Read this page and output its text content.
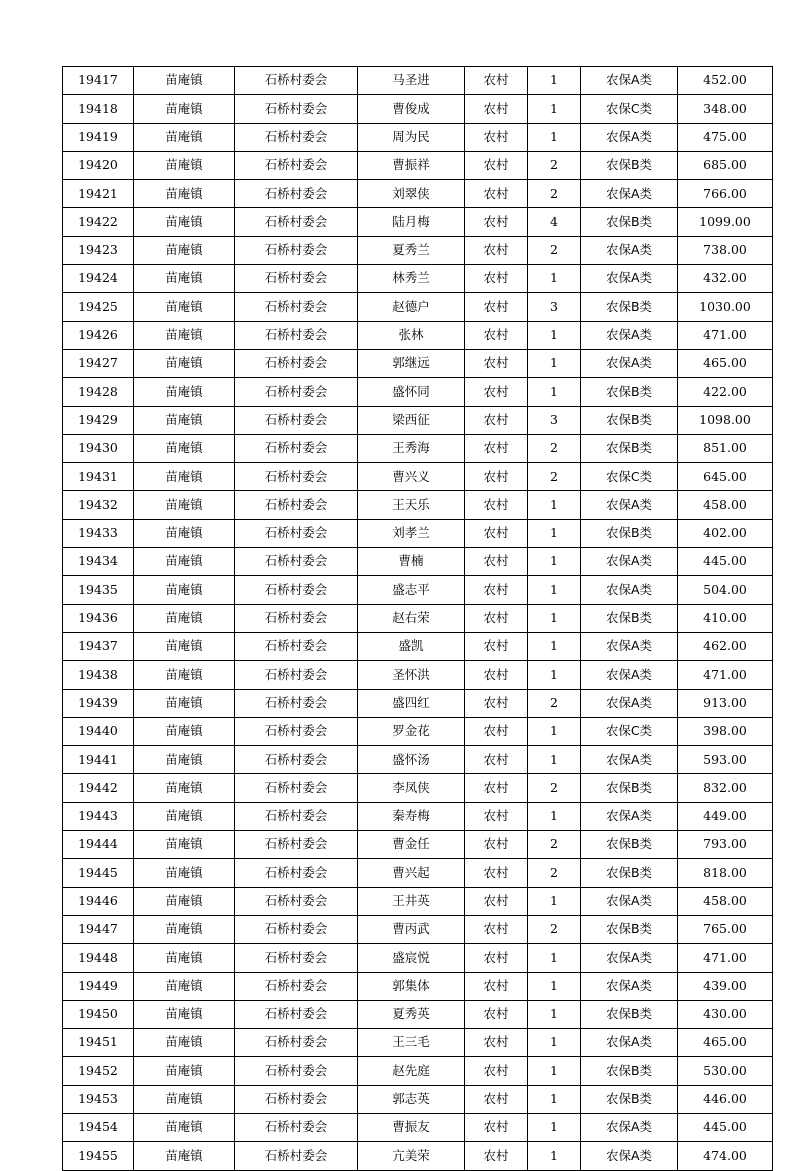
19417	苗庵镇	石桥村委会	马圣进	农村	1	农保A类	452.00
19418	苗庵镇	石桥村委会	曹俊成	农村	1	农保C类	348.00
19419	苗庵镇	石桥村委会	周为民	农村	1	农保A类	475.00
19420	苗庵镇	石桥村委会	曹振祥	农村	2	农保B类	685.00
19421	苗庵镇	石桥村委会	刘翠侠	农村	2	农保A类	766.00
19422	苗庵镇	石桥村委会	陆月梅	农村	4	农保B类	1099.00
19423	苗庵镇	石桥村委会	夏秀兰	农村	2	农保A类	738.00
19424	苗庵镇	石桥村委会	林秀兰	农村	1	农保A类	432.00
19425	苗庵镇	石桥村委会	赵德户	农村	3	农保B类	1030.00
19426	苗庵镇	石桥村委会	张林	农村	1	农保A类	471.00
19427	苗庵镇	石桥村委会	郭继远	农村	1	农保A类	465.00
19428	苗庵镇	石桥村委会	盛怀同	农村	1	农保B类	422.00
19429	苗庵镇	石桥村委会	梁西征	农村	3	农保B类	1098.00
19430	苗庵镇	石桥村委会	王秀海	农村	2	农保B类	851.00
19431	苗庵镇	石桥村委会	曹兴义	农村	2	农保C类	645.00
19432	苗庵镇	石桥村委会	王天乐	农村	1	农保A类	458.00
19433	苗庵镇	石桥村委会	刘孝兰	农村	1	农保B类	402.00
19434	苗庵镇	石桥村委会	曹楠	农村	1	农保A类	445.00
19435	苗庵镇	石桥村委会	盛志平	农村	1	农保A类	504.00
19436	苗庵镇	石桥村委会	赵右荣	农村	1	农保B类	410.00
19437	苗庵镇	石桥村委会	盛凯	农村	1	农保A类	462.00
19438	苗庵镇	石桥村委会	圣怀洪	农村	1	农保A类	471.00
19439	苗庵镇	石桥村委会	盛四红	农村	2	农保A类	913.00
19440	苗庵镇	石桥村委会	罗金花	农村	1	农保C类	398.00
19441	苗庵镇	石桥村委会	盛怀汤	农村	1	农保A类	593.00
19442	苗庵镇	石桥村委会	李凤侠	农村	2	农保B类	832.00
19443	苗庵镇	石桥村委会	秦寿梅	农村	1	农保A类	449.00
19444	苗庵镇	石桥村委会	曹金任	农村	2	农保B类	793.00
19445	苗庵镇	石桥村委会	曹兴起	农村	2	农保B类	818.00
19446	苗庵镇	石桥村委会	王井英	农村	1	农保A类	458.00
19447	苗庵镇	石桥村委会	曹丙武	农村	2	农保B类	765.00
19448	苗庵镇	石桥村委会	盛宸悦	农村	1	农保A类	471.00
19449	苗庵镇	石桥村委会	郭集体	农村	1	农保A类	439.00
19450	苗庵镇	石桥村委会	夏秀英	农村	1	农保B类	430.00
19451	苗庵镇	石桥村委会	王三毛	农村	1	农保A类	465.00
19452	苗庵镇	石桥村委会	赵先庭	农村	1	农保B类	530.00
19453	苗庵镇	石桥村委会	郭志英	农村	1	农保B类	446.00
19454	苗庵镇	石桥村委会	曹振友	农村	1	农保A类	445.00
19455	苗庵镇	石桥村委会	亢美荣	农村	1	农保A类	474.00
